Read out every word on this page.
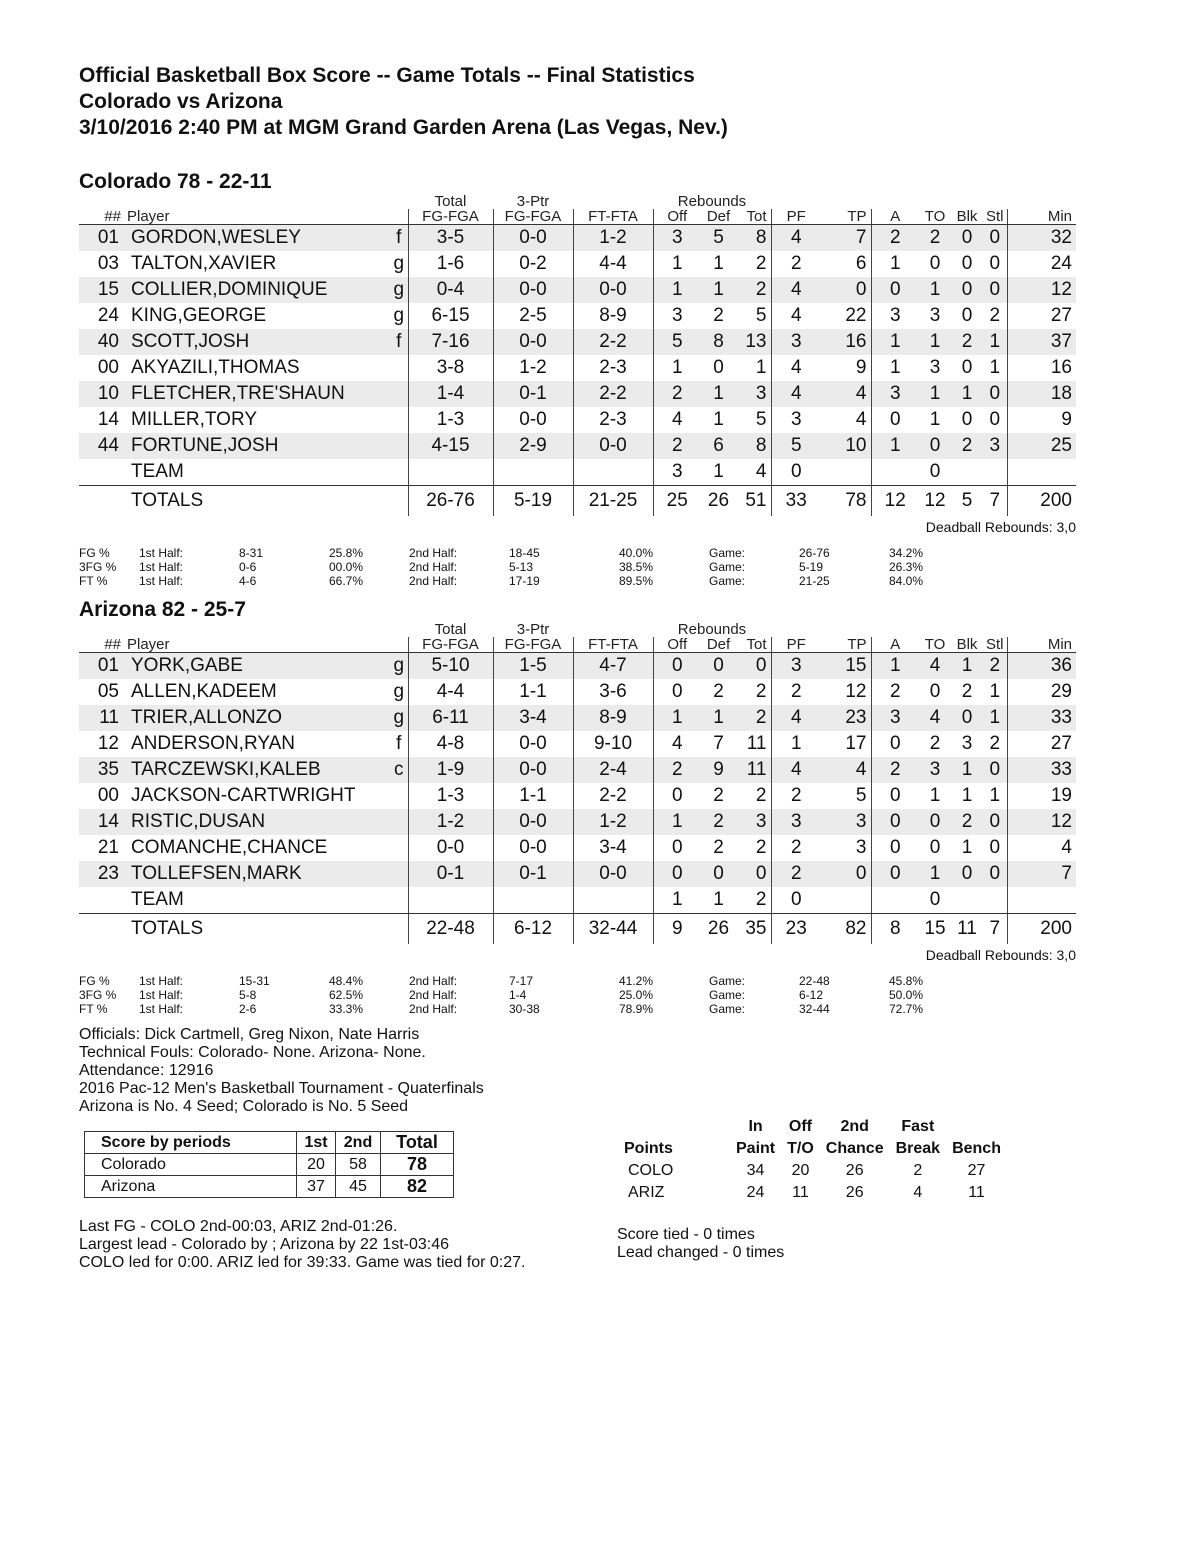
Official Basketball Box Score -- Game Totals -- Final Statistics
Colorado vs Arizona
3/10/2016 2:40 PM at MGM Grand Garden Arena (Las Vegas, Nev.)
Colorado 78 - 22-11
			Total	3-Ptr		Rebounds									
##	Player		FG-FGA	FG-FGA	FT-FTA	Off	Def	Tot	PF	TP	A	TO	Blk	Stl	Min
01	GORDON,WESLEY	f	3-5	0-0	1-2	3	5	8	4	7	2	2	0	0	32
03	TALTON,XAVIER	g	1-6	0-2	4-4	1	1	2	2	6	1	0	0	0	24
15	COLLIER,DOMINIQUE	g	0-4	0-0	0-0	1	1	2	4	0	0	1	0	0	12
24	KING,GEORGE	g	6-15	2-5	8-9	3	2	5	4	22	3	3	0	2	27
40	SCOTT,JOSH	f	7-16	0-0	2-2	5	8	13	3	16	1	1	2	1	37
00	AKYAZILI,THOMAS		3-8	1-2	2-3	1	0	1	4	9	1	3	0	1	16
10	FLETCHER,TRE'SHAUN		1-4	0-1	2-2	2	1	3	4	4	3	1	1	0	18
14	MILLER,TORY		1-3	0-0	2-3	4	1	5	3	4	0	1	0	0	9
44	FORTUNE,JOSH		4-15	2-9	0-0	2	6	8	5	10	1	0	2	3	25
	TEAM					3	1	4	0			0			
	TOTALS		26-76	5-19	21-25	25	26	51	33	78	12	12	5	7	200
Deadball Rebounds: 3,0
FG %	1st Half:	8-31	25.8%	2nd Half:	18-45	40.0%	Game:	26-76	34.2%
3FG %	1st Half:	0-6	00.0%	2nd Half:	5-13	38.5%	Game:	5-19	26.3%
FT %	1st Half:	4-6	66.7%	2nd Half:	17-19	89.5%	Game:	21-25	84.0%
Arizona 82 - 25-7
			Total	3-Ptr		Rebounds									
##	Player		FG-FGA	FG-FGA	FT-FTA	Off	Def	Tot	PF	TP	A	TO	Blk	Stl	Min
01	YORK,GABE	g	5-10	1-5	4-7	0	0	0	3	15	1	4	1	2	36
05	ALLEN,KADEEM	g	4-4	1-1	3-6	0	2	2	2	12	2	0	2	1	29
11	TRIER,ALLONZO	g	6-11	3-4	8-9	1	1	2	4	23	3	4	0	1	33
12	ANDERSON,RYAN	f	4-8	0-0	9-10	4	7	11	1	17	0	2	3	2	27
35	TARCZEWSKI,KALEB	c	1-9	0-0	2-4	2	9	11	4	4	2	3	1	0	33
00	JACKSON-CARTWRIGHT		1-3	1-1	2-2	0	2	2	2	5	0	1	1	1	19
14	RISTIC,DUSAN		1-2	0-0	1-2	1	2	3	3	3	0	0	2	0	12
21	COMANCHE,CHANCE		0-0	0-0	3-4	0	2	2	2	3	0	0	1	0	4
23	TOLLEFSEN,MARK		0-1	0-1	0-0	0	0	0	2	0	0	1	0	0	7
	TEAM					1	1	2	0			0			
	TOTALS		22-48	6-12	32-44	9	26	35	23	82	8	15	11	7	200
Deadball Rebounds: 3,0
FG %	1st Half:	15-31	48.4%	2nd Half:	7-17	41.2%	Game:	22-48	45.8%
3FG %	1st Half:	5-8	62.5%	2nd Half:	1-4	25.0%	Game:	6-12	50.0%
FT %	1st Half:	2-6	33.3%	2nd Half:	30-38	78.9%	Game:	32-44	72.7%
Officials: Dick Cartmell, Greg Nixon, Nate Harris
Technical Fouls: Colorado- None. Arizona- None.
Attendance: 12916
2016 Pac-12 Men's Basketball Tournament - Quaterfinals
Arizona is No. 4 Seed; Colorado is No. 5 Seed
Score by periods	1st	2nd	Total
Colorado	20	58	78
Arizona	37	45	82
	In	Off	2nd	Fast	
Points	Paint	T/O	Chance	Break	Bench
COLO	34	20	26	2	27
ARIZ	24	11	26	4	11
Last FG - COLO 2nd-00:03, ARIZ 2nd-01:26.
Largest lead - Colorado by ; Arizona by 22 1st-03:46
COLO led for 0:00. ARIZ led for 39:33. Game was tied for 0:27.
Score tied - 0 times
Lead changed - 0 times
